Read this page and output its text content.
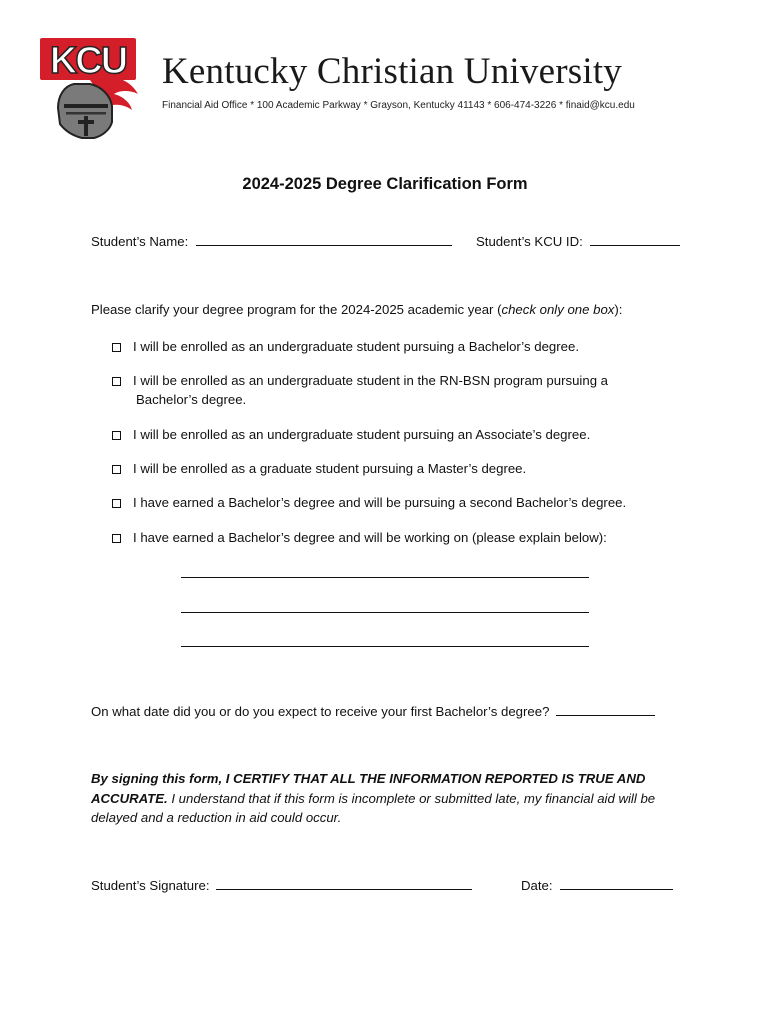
KCU Kentucky Christian University
Financial Aid Office * 100 Academic Parkway * Grayson, Kentucky 41143 * 606-474-3226 * finaid@kcu.edu
2024-2025 Degree Clarification Form
Student’s Name:	Student’s KCU ID:
Please clarify your degree program for the 2024-2025 academic year (check only one box):
I will be enrolled as an undergraduate student pursuing a Bachelor’s degree.
I will be enrolled as an undergraduate student in the RN-BSN program pursuing a
Bachelor’s degree.
I will be enrolled as an undergraduate student pursuing an Associate’s degree.
I will be enrolled as a graduate student pursuing a Master’s degree.
I have earned a Bachelor’s degree and will be pursuing a second Bachelor’s degree.
I have earned a Bachelor’s degree and will be working on (please explain below):
On what date did you or do you expect to receive your first Bachelor’s degree?
By signing this form, I CERTIFY THAT ALL THE INFORMATION REPORTED IS TRUE AND ACCURATE. I understand that if this form is incomplete or submitted late, my financial aid will be delayed and a reduction in aid could occur.
Student’s Signature:	Date:
